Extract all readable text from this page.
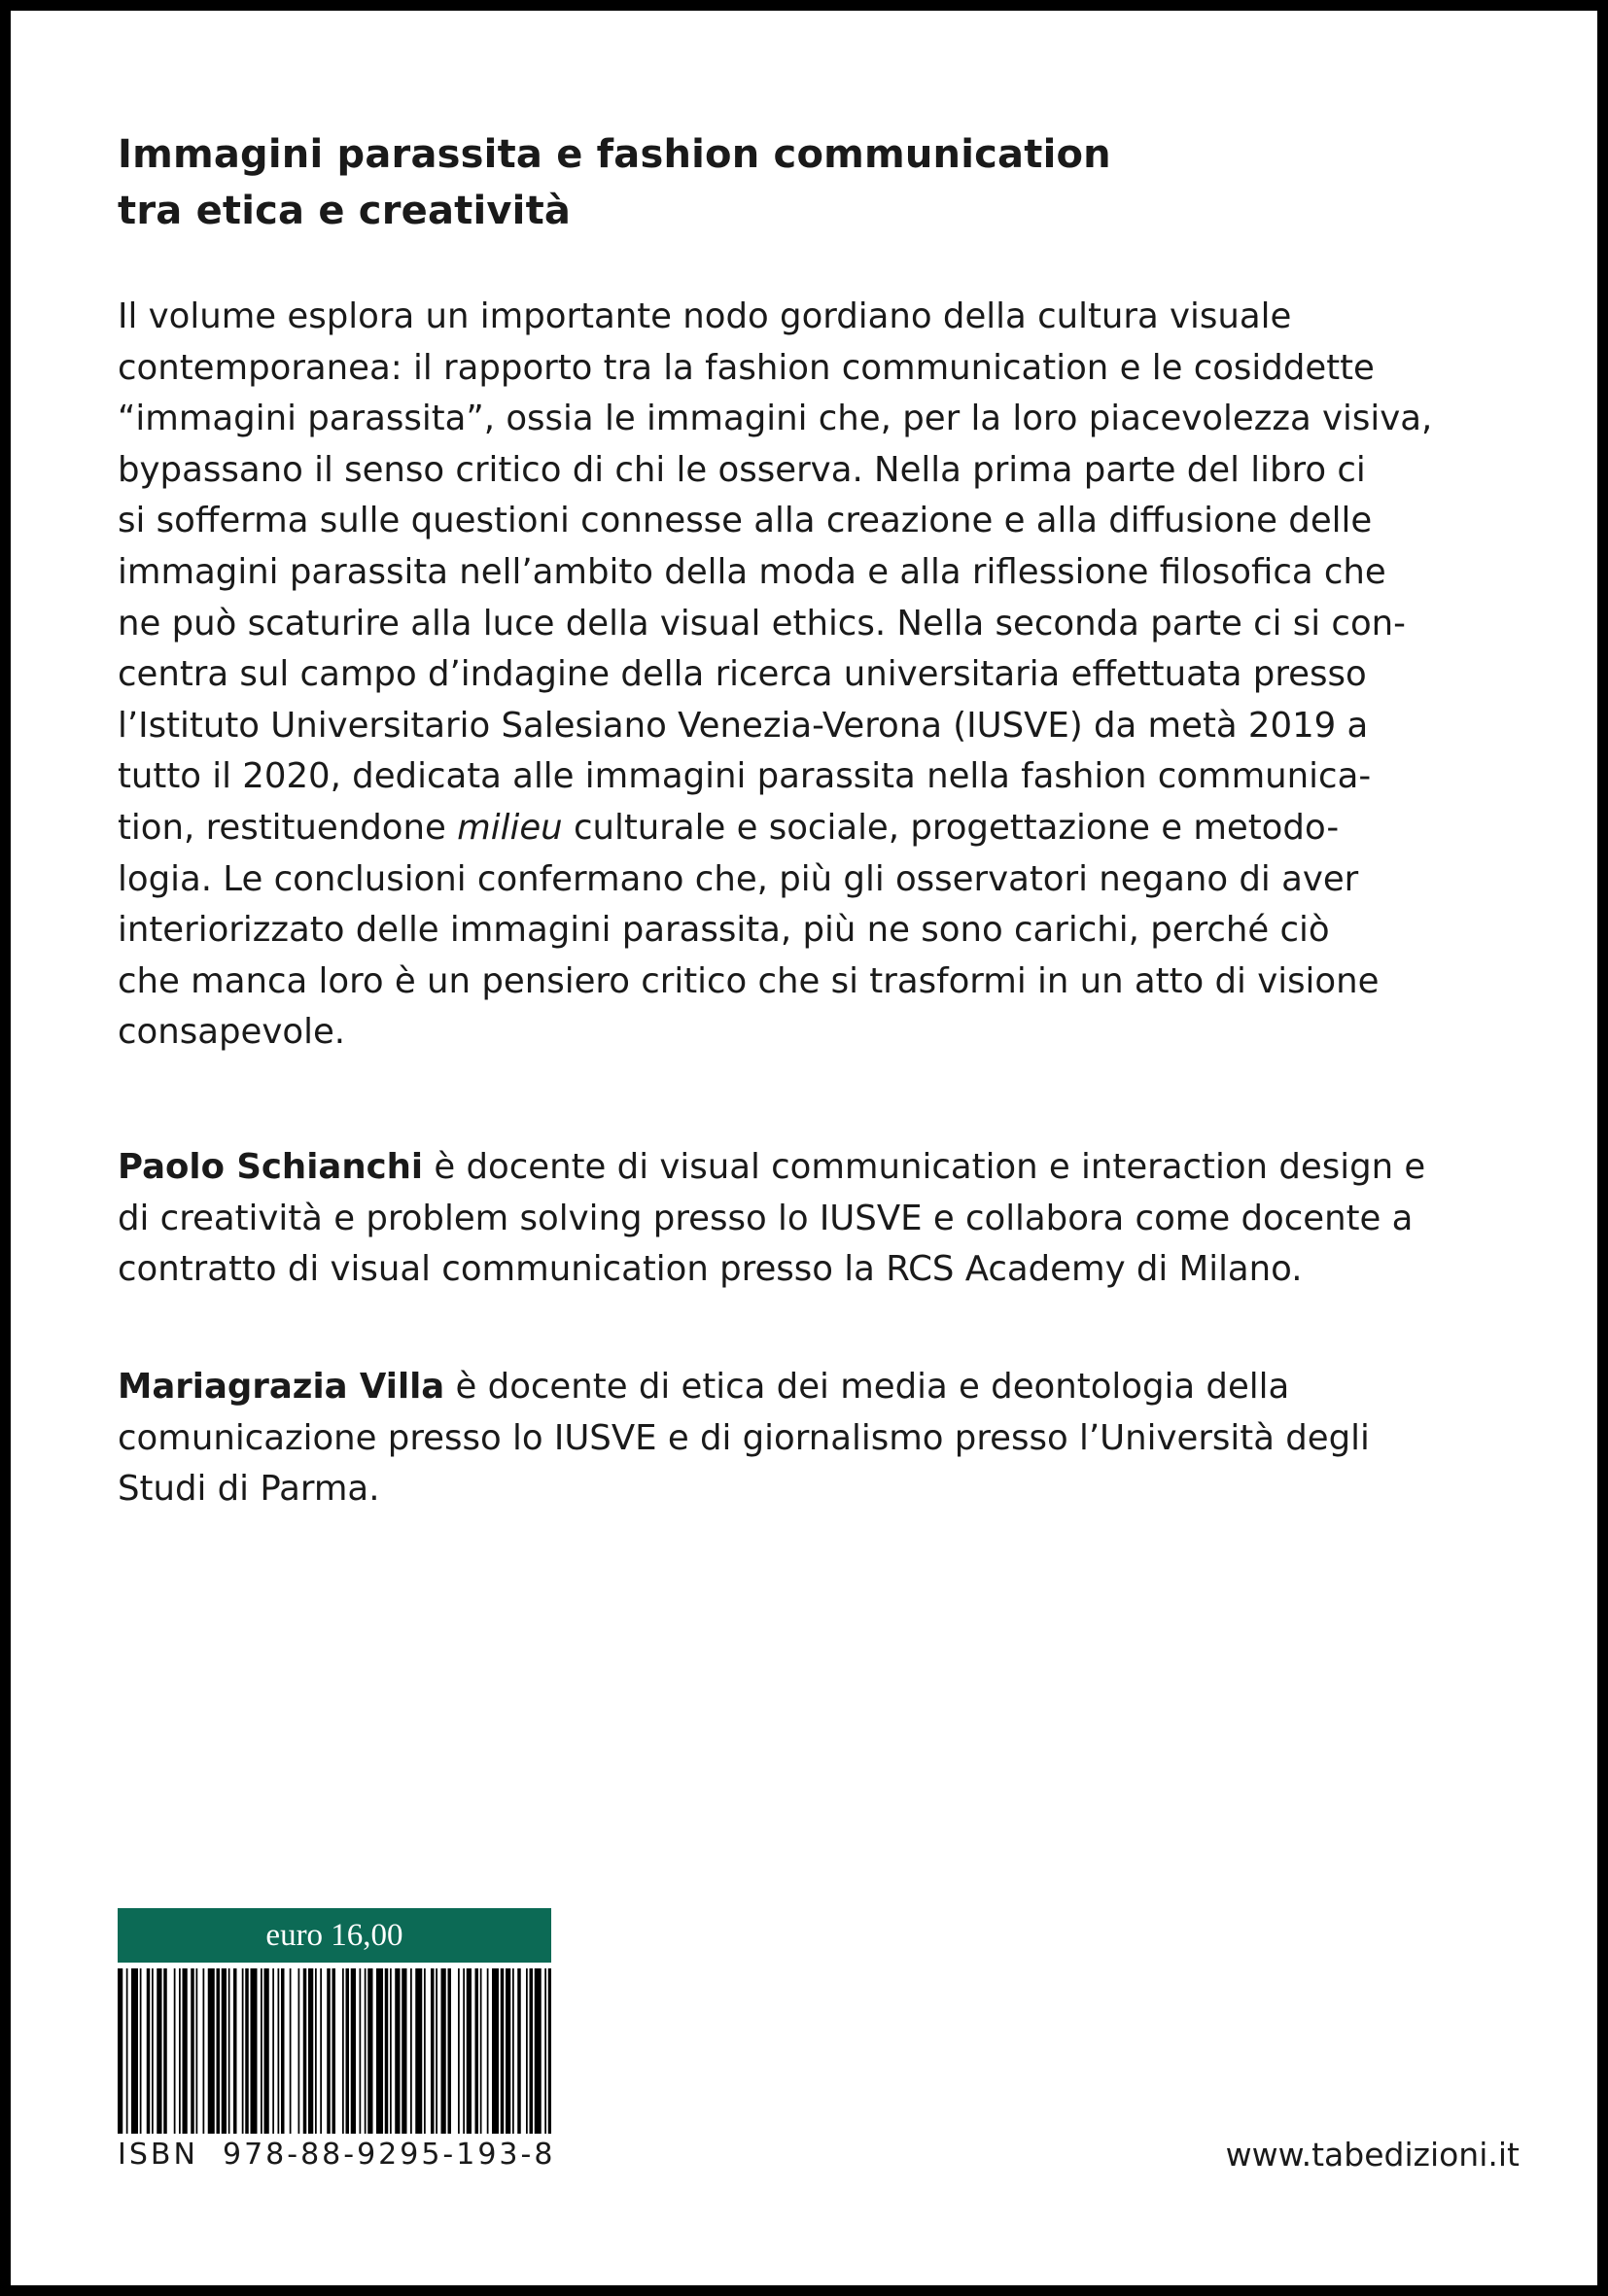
Immagini parassita e fashion communication
tra etica e creatività

Il volume esplora un importante nodo gordiano della cultura visuale
contemporanea: il rapporto tra la fashion communication e le cosiddette
“immagini parassita”, ossia le immagini che, per la loro piacevolezza visiva,
bypassano il senso critico di chi le osserva. Nella prima parte del libro ci
si sofferma sulle questioni connesse alla creazione e alla diffusione delle
immagini parassita nell’ambito della moda e alla riflessione filosofica che
ne può scaturire alla luce della visual ethics. Nella seconda parte ci si con-
centra sul campo d’indagine della ricerca universitaria effettuata presso
l’Istituto Universitario Salesiano Venezia-Verona (IUSVE) da metà 2019 a
tutto il 2020, dedicata alle immagini parassita nella fashion communica-
tion, restituendone milieu culturale e sociale, progettazione e metodo-
logia. Le conclusioni confermano che, più gli osservatori negano di aver
interiorizzato delle immagini parassita, più ne sono carichi, perché ciò
che manca loro è un pensiero critico che si trasformi in un atto di visione
consapevole.

Paolo Schianchi è docente di visual communication e interaction design e
di creatività e problem solving presso lo IUSVE e collabora come docente a
contratto di visual communication presso la RCS Academy di Milano.

Mariagrazia Villa è docente di etica dei media e deontologia della
comunicazione presso lo IUSVE e di giornalismo presso l’Università degli
Studi di Parma.

euro 16,00
ISBN  978-88-9295-193-8	www.tabedizioni.it
